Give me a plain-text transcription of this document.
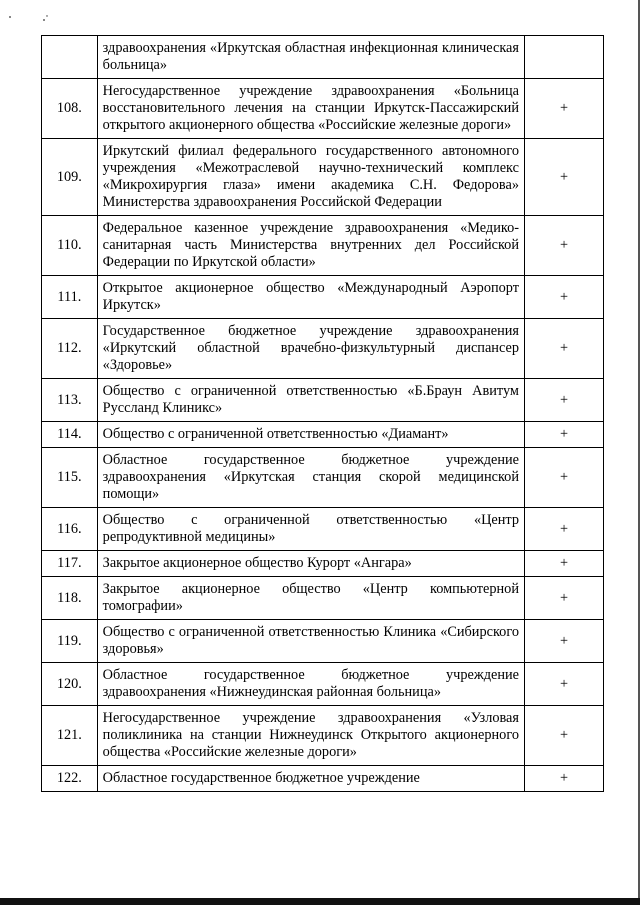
	здравоохранения «Иркутская областная инфекционная клиническая больница»	
108.	Негосударственное учреждение здравоохранения «Больница восстановительного лечения на станции Иркутск-Пассажирский открытого акционерного общества «Российские железные дороги»	+
109.	Иркутский филиал федерального государственного автономного учреждения «Межотраслевой научно-технический комплекс «Микрохирургия глаза» имени академика С.Н. Федорова» Министерства здравоохранения Российской Федерации	+
110.	Федеральное казенное учреждение здравоохранения «Медико-санитарная часть Министерства внутренних дел Российской Федерации по Иркутской области»	+
111.	Открытое акционерное общество «Международный Аэропорт Иркутск»	+
112.	Государственное бюджетное учреждение здравоохранения «Иркутский областной врачебно-физкультурный диспансер «Здоровье»	+
113.	Общество с ограниченной ответственностью «Б.Браун Авитум Руссланд Клиникс»	+
114.	Общество с ограниченной ответственностью «Диамант»	+
115.	Областное государственное бюджетное учреждение здравоохранения «Иркутская станция скорой медицинской помощи»	+
116.	Общество с ограниченной ответственностью «Центр репродуктивной медицины»	+
117.	Закрытое акционерное общество Курорт «Ангара»	+
118.	Закрытое акционерное общество «Центр компьютерной томографии»	+
119.	Общество с ограниченной ответственностью Клиника «Сибирского здоровья»	+
120.	Областное государственное бюджетное учреждение здравоохранения «Нижнеудинская районная больница»	+
121.	Негосударственное учреждение здравоохранения «Узловая поликлиника на станции Нижнеудинск Открытого акционерного общества «Российские железные дороги»	+
122.	Областное государственное бюджетное учреждение	+
